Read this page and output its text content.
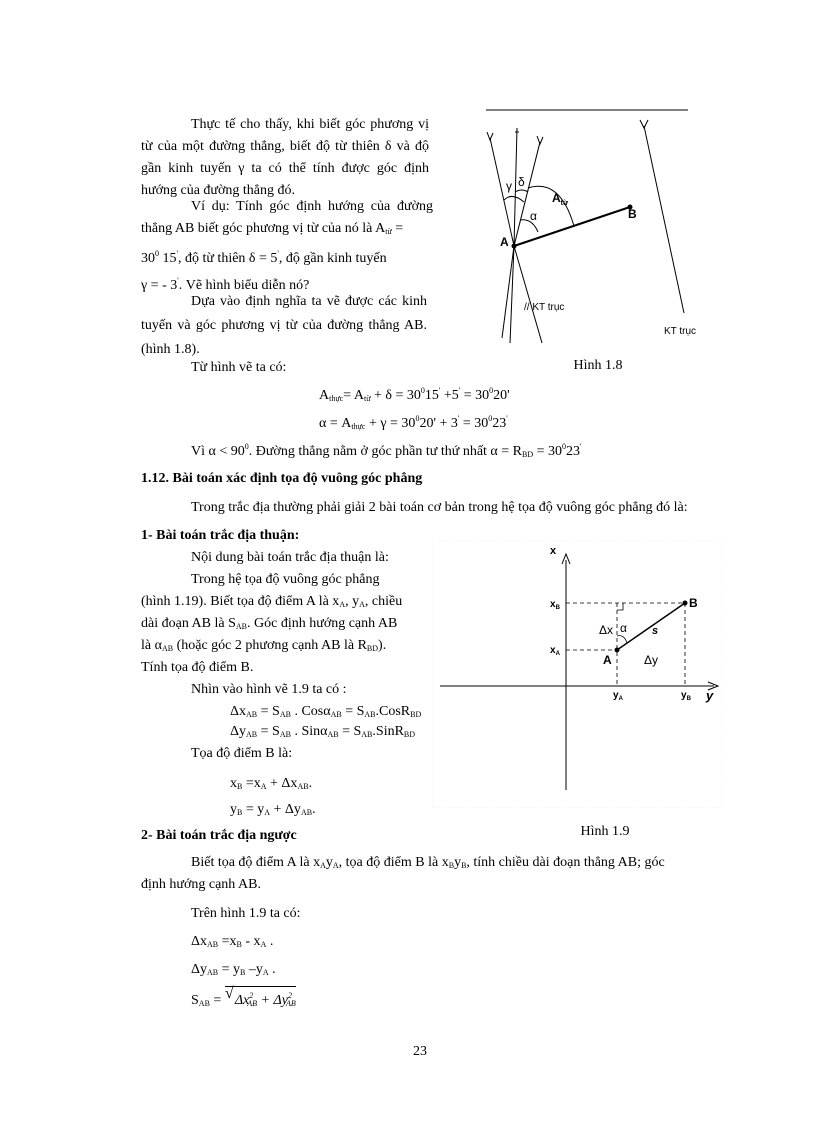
Thực tế cho thấy, khi biết góc phương vị từ của một đường thẳng, biết độ từ thiên δ và độ gần kinh tuyến γ ta có thể tính được góc định hướng của đường thẳng đó.
Ví dụ: Tính góc định hướng của đường thẳng AB biết góc phương vị từ của nó là $A_{từ}$ =
$30^0$ 15', độ từ thiên δ = 5', độ gần kinh tuyến
γ = - 3'. Vẽ hình biểu diễn nó?
Dựa vào định nghĩa ta vẽ được các kinh tuyến và góc phương vị từ của đường thẳng AB. (hình 1.8).
Từ hình vẽ ta có:
γ δ
$A_{từ}$
α	B
A
// KT trục
KT trục
Hình 1.8
$A_{thực}= A_{từ} + \delta = 30^015' +5' = 30^020'$
$\alpha = A_{thực} + \gamma = 30^020' + 3' = 30^023'$
Vì $\alpha < 90^0$. Đường thẳng nằm ở góc phần tư thứ nhất $\alpha = R_{BD} = 30^023'$
1.12. Bài toán xác định tọa độ vuông góc phẳng
Trong trắc địa thường phải giải 2 bài toán cơ bản trong hệ tọa độ vuông góc phẳng đó là:
1- Bài toán trắc địa thuận:
Nội dung bài toán trắc địa thuận là:
Trong hệ tọa độ vuông góc phẳng
(hình 1.19). Biết tọa độ điểm A là $x_A$, $y_A$, chiều
dài đoạn AB là $S_{AB}$. Góc định hướng cạnh AB
là $\alpha_{AB}$ (hoặc góc 2 phương cạnh AB là $R_{BD}$).
Tính tọa độ điểm B.
Nhìn vào hình vẽ 1.9 ta có :
$\Delta x_{AB} = S_{AB}$ . $Cos\alpha_{AB} = S_{AB}.CosR_{BD}$
$\Delta y_{AB} = S_{AB}$ . $Sin\alpha_{AB} = S_{AB}.SinR_{BD}$
Tọa độ điểm B là:
$x_B =x_A + \Delta x_{AB}$.
$y_B = y_A + \Delta y_{AB}$.
x
y
$x_B$
$x_A$
$y_A$	$y_B$
A
B
Δx α s
Δy
Hình 1.9
2- Bài toán trắc địa ngược
Biết tọa độ điểm A là $x_Ay_A$, tọa độ điểm B là $x_By_B$, tính chiều dài đoạn thẳng AB; góc
định hướng cạnh AB.
Trên hình 1.9 ta có:
$\Delta x_{AB} =x_B - x_A$ .
$\Delta y_{AB} = y_B$ $-y_A$ .
$S_{AB}$ = √ $\Delta x^2_{AB} + \Delta y^2_{AB}$
23
